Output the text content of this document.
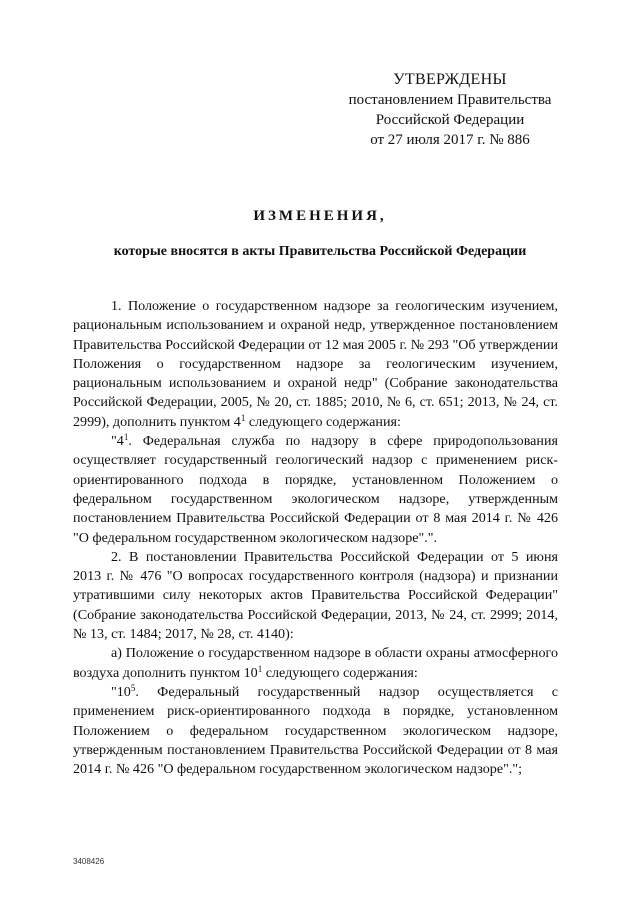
УТВЕРЖДЕНЫ
постановлением Правительства
Российской Федерации
от 27 июля 2017 г. № 886
ИЗМЕНЕНИЯ,
которые вносятся в акты Правительства Российской Федерации

1. Положение о государственном надзоре за геологическим изучением, рациональным использованием и охраной недр, утвержденное постановлением Правительства Российской Федерации от 12 мая 2005 г. № 293 "Об утверждении Положения о государственном надзоре за геологическим изучением, рациональным использованием и охраной недр" (Собрание законодательства Российской Федерации, 2005, № 20, ст. 1885; 2010, № 6, ст. 651; 2013, № 24, ст. 2999), дополнить пунктом $4^1$ следующего содержания:

"$4^1$. Федеральная служба по надзору в сфере природопользования осуществляет государственный геологический надзор с применением риск-ориентированного подхода в порядке, установленном Положением о федеральном государственном экологическом надзоре, утвержденным постановлением Правительства Российской Федерации от 8 мая 2014 г. № 426 "О федеральном государственном экологическом надзоре".".

2. В постановлении Правительства Российской Федерации от 5 июня 2013 г. № 476 "О вопросах государственного контроля (надзора) и признании утратившими силу некоторых актов Правительства Российской Федерации" (Собрание законодательства Российской Федерации, 2013, № 24, ст. 2999; 2014, № 13, ст. 1484; 2017, № 28, ст. 4140):

а) Положение о государственном надзоре в области охраны атмосферного воздуха дополнить пунктом $10^1$ следующего содержания:

"$10^5$. Федеральный государственный надзор осуществляется с применением риск-ориентированного подхода в порядке, установленном Положением о федеральном государственном экологическом надзоре, утвержденным постановлением Правительства Российской Федерации от 8 мая 2014 г. № 426 "О федеральном государственном экологическом надзоре".";

3408426
